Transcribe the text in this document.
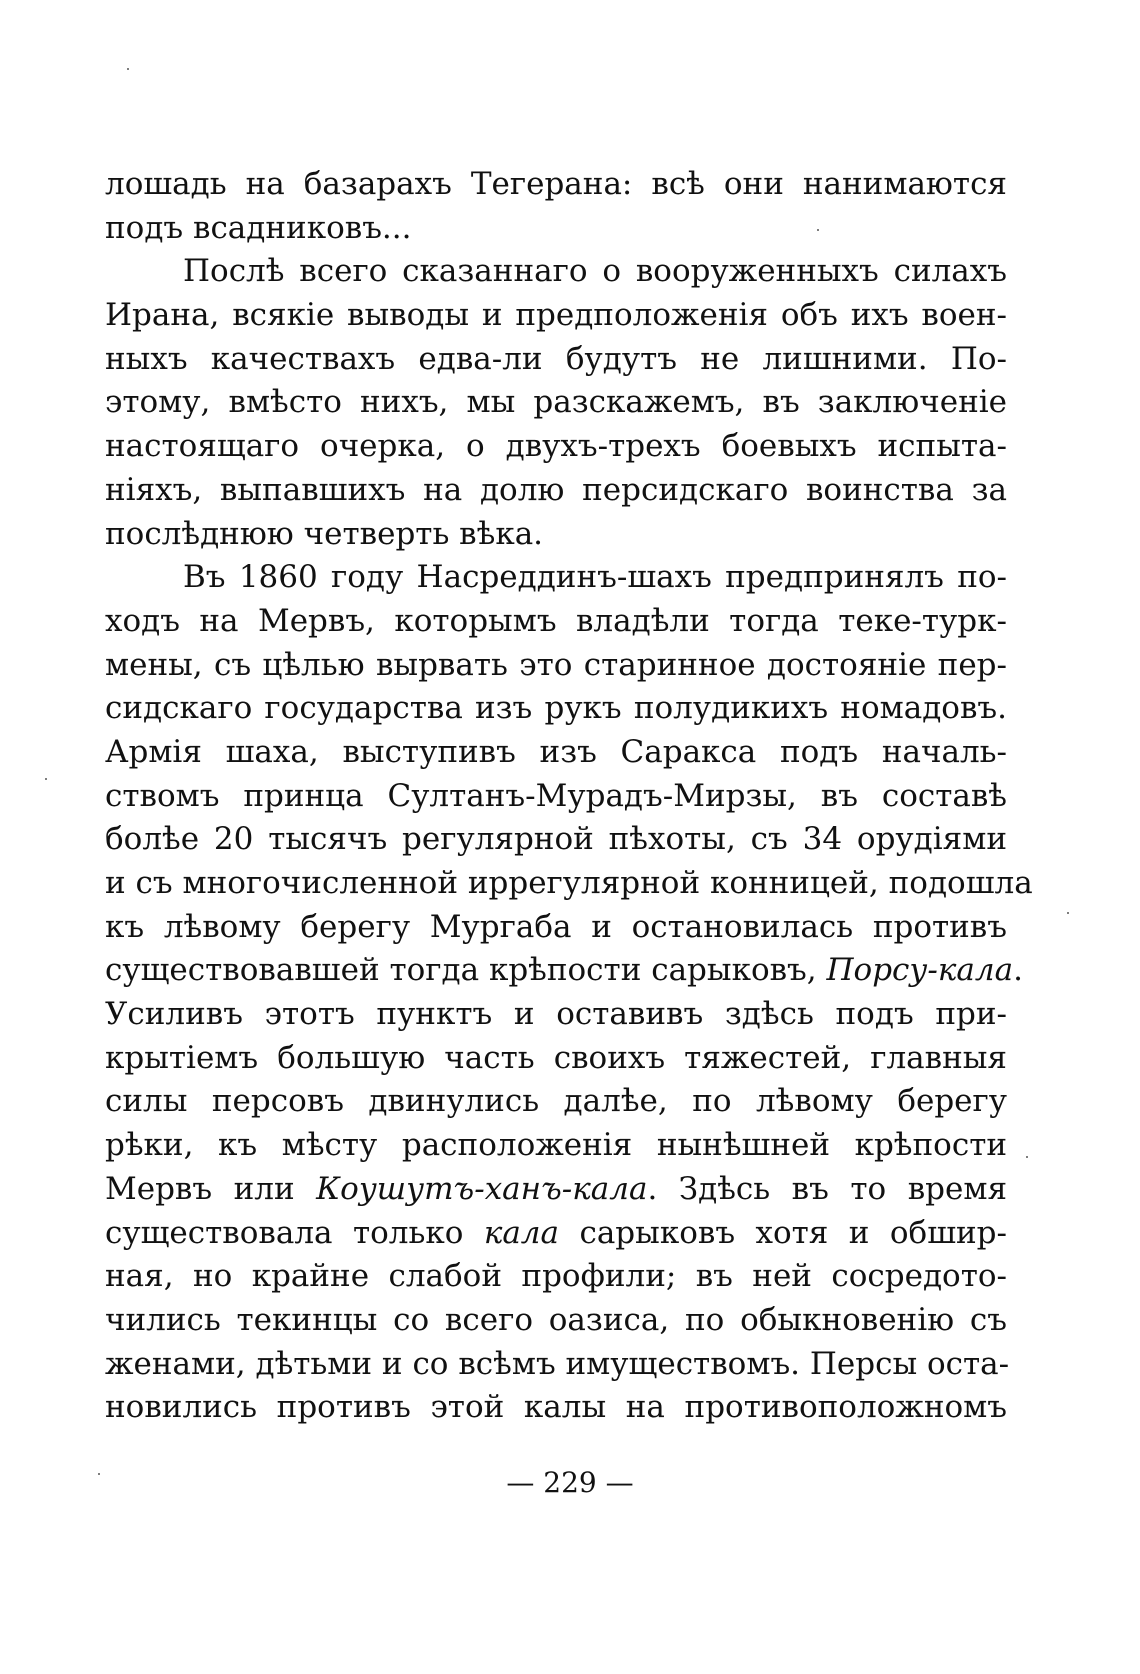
лошадь на базарахъ Тегерана: всѣ они нанимаются
подъ всадниковъ...
Послѣ всего сказаннаго о вооруженныхъ силахъ
Ирана, всякіе выводы и предположенія объ ихъ воен-
ныхъ качествахъ едва-ли будутъ не лишними. По-
этому, вмѣсто нихъ, мы разскажемъ, въ заключеніе
настоящаго очерка, о двухъ-трехъ боевыхъ испыта-
ніяхъ, выпавшихъ на долю персидскаго воинства за
послѣднюю четверть вѣка.
Въ 1860 году Насреддинъ-шахъ предпринялъ по-
ходъ на Мервъ, которымъ владѣли тогда теке-турк-
мены, съ цѣлью вырвать это старинное достояніе пер-
сидскаго государства изъ рукъ полудикихъ номадовъ.
Армія шаха, выступивъ изъ Саракса подъ началь-
ствомъ принца Султанъ-Мурадъ-Мирзы, въ составѣ
болѣе 20 тысячъ регулярной пѣхоты, съ 34 орудіями
и съ многочисленной иррегулярной конницей, подошла
къ лѣвому берегу Мургаба и остановилась противъ
существовавшей тогда крѣпости сарыковъ, Порсу-кала.
Усиливъ этотъ пунктъ и оставивъ здѣсь подъ при-
крытіемъ большую часть своихъ тяжестей, главныя
силы персовъ двинулись далѣе, по лѣвому берегу
рѣки, къ мѣсту расположенія нынѣшней крѣпости
Мервъ или Коушутъ-ханъ-кала. Здѣсь въ то время
существовала только кала сарыковъ хотя и обшир-
ная, но крайне слабой профили; въ ней сосредото-
чились текинцы со всего оазиса, по обыкновенію съ
женами, дѣтьми и со всѣмъ имуществомъ. Персы оста-
новились противъ этой калы на противоположномъ
— 229 —
